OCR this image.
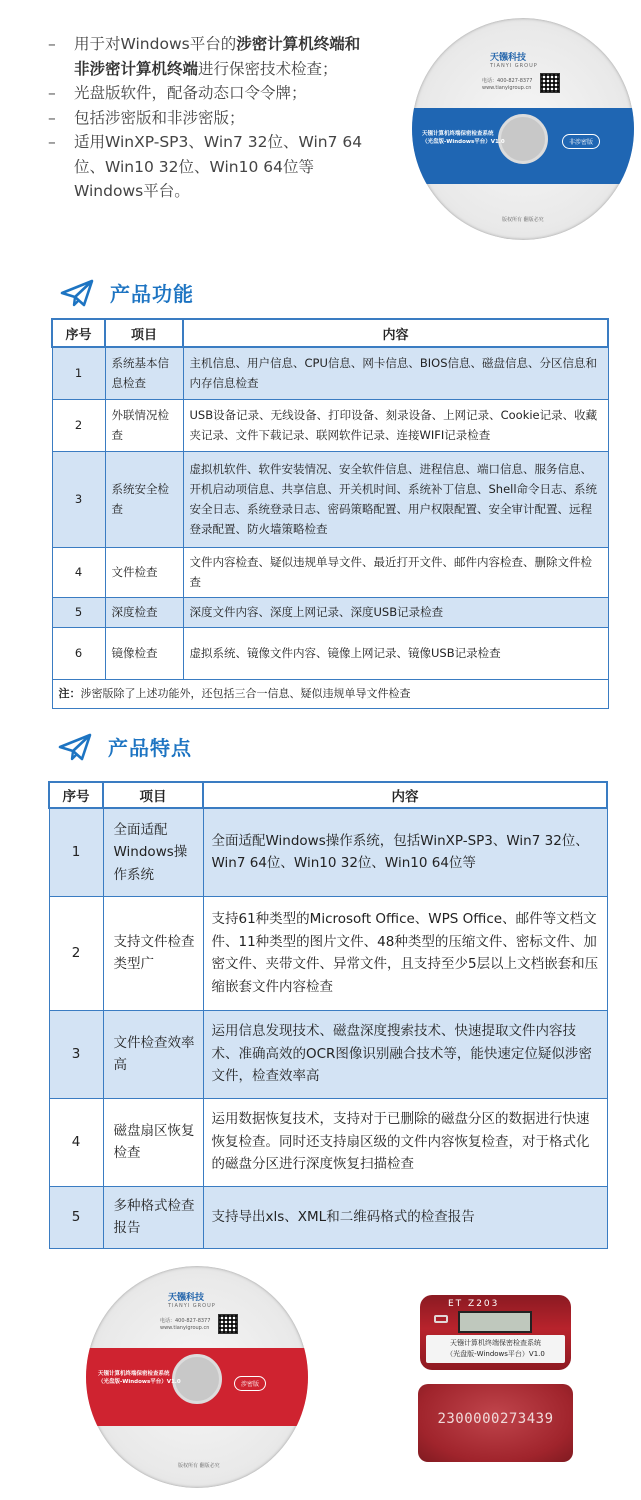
–	用于对Windows平台的涉密计算机终端和
非涉密计算机终端进行保密技术检查；
–	光盘版软件，配备动态口令令牌；
–	包括涉密版和非涉密版；
–	适用WinXP-SP3、Win7 32位、Win7 64
位、Win10 32位、Win10 64位等
Windows平台。
天镪科技
TIANYI GROUP
电话：400-827-8377
www.tianyigroup.cn
天镪计算机终端保密检查系统
（光盘版-Windows平台）V1.0	非涉密版
版权所有 翻版必究
产品功能
序号	项目	内容
1	系统基本信息检查	主机信息、用户信息、CPU信息、网卡信息、BIOS信息、磁盘信息、分区信息和内存信息检查
2	外联情况检查	USB设备记录、无线设备、打印设备、刻录设备、上网记录、Cookie记录、收藏夹记录、文件下载记录、联网软件记录、连接WIFI记录检查
3	系统安全检查	虚拟机软件、软件安装情况、安全软件信息、进程信息、端口信息、服务信息、开机启动项信息、共享信息、开关机时间、系统补丁信息、Shell命令日志、系统安全日志、系统登录日志、密码策略配置、用户权限配置、安全审计配置、远程登录配置、防火墙策略检查
4	文件检查	文件内容检查、疑似违规单导文件、最近打开文件、邮件内容检查、删除文件检查
5	深度检查	深度文件内容、深度上网记录、深度USB记录检查
6	镜像检查	虚拟系统、镜像文件内容、镜像上网记录、镜像USB记录检查
注：涉密版除了上述功能外，还包括三合一信息、疑似违规单导文件检查		
产品特点
序号	项目	内容
1	全面适配Windows操作系统	全面适配Windows操作系统，包括WinXP-SP3、Win7 32位、Win7 64位、Win10 32位、Win10 64位等
2	支持文件检查类型广	支持61种类型的Microsoft Office、WPS Office、邮件等文档文件、11种类型的图片文件、48种类型的压缩文件、密标文件、加密文件、夹带文件、异常文件，且支持至少5层以上文档嵌套和压缩嵌套文件内容检查
3	文件检查效率高	运用信息发现技术、磁盘深度搜索技术、快速提取文件内容技术、准确高效的OCR图像识别融合技术等，能快速定位疑似涉密文件，检查效率高
4	磁盘扇区恢复检查	运用数据恢复技术，支持对于已删除的磁盘分区的数据进行快速恢复检查。同时还支持扇区级的文件内容恢复检查，对于格式化的磁盘分区进行深度恢复扫描检查
5	多种格式检查报告	支持导出xls、XML和二维码格式的检查报告
天镪科技
TIANYI GROUP
电话：400-827-8377
www.tianyigroup.cn
天镪计算机终端保密检查系统
（光盘版-Windows平台）V1.0	涉密版
版权所有 翻版必究
ET Z203
天镪计算机终端保密检查系统
（光盘版-Windows平台）V1.0
2300000273439
